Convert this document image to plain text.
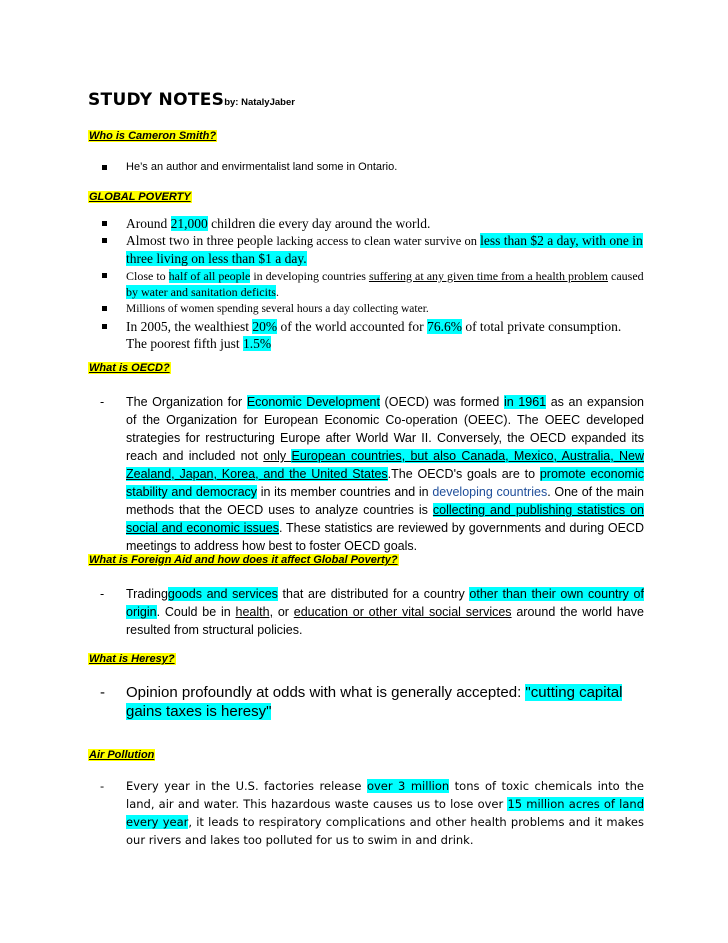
STUDY NOTESby: NatalyJaber
Who is Cameron Smith?
He’s an author and envirmentalist land some in Ontario.
GLOBAL POVERTY
Around 21,000 children die every day around the world.
Almost two in three people lacking access to clean water survive on less than $2 a day, with one in three living on less than $1 a day.
Close to half of all people in developing countries suffering at any given time from a health problem caused by water and sanitation deficits.
Millions of women spending several hours a day collecting water.
In 2005, the wealthiest 20% of the world accounted for 76.6% of total private consumption. The poorest fifth just 1.5%
What is OECD?
- The Organization for Economic Development (OECD) was formed in 1961 as an expansion of the Organization for European Economic Co-operation (OEEC). The OEEC developed strategies for restructuring Europe after World War II. Conversely, the OECD expanded its reach and included not only European countries, but also Canada, Mexico, Australia, New Zealand, Japan, Korea, and the United States.The OECD's goals are to promote economic stability and democracy in its member countries and in developing countries. One of the main methods that the OECD uses to analyze countries is collecting and publishing statistics on social and economic issues. These statistics are reviewed by governments and during OECD meetings to address how best to foster OECD goals.
What is Foreign Aid and how does it affect Global Poverty?
- Tradinggoods and services that are distributed for a country other than their own country of origin. Could be in health, or education or other vital social services around the world have resulted from structural policies.
What is Heresy?
- Opinion profoundly at odds with what is generally accepted: "cutting capital gains taxes is heresy"
Air Pollution
- Every year in the U.S. factories release over 3 million tons of toxic chemicals into the land, air and water. This hazardous waste causes us to lose over 15 million acres of land every year, it leads to respiratory complications and other health problems and it makes our rivers and lakes too polluted for us to swim in and drink.
